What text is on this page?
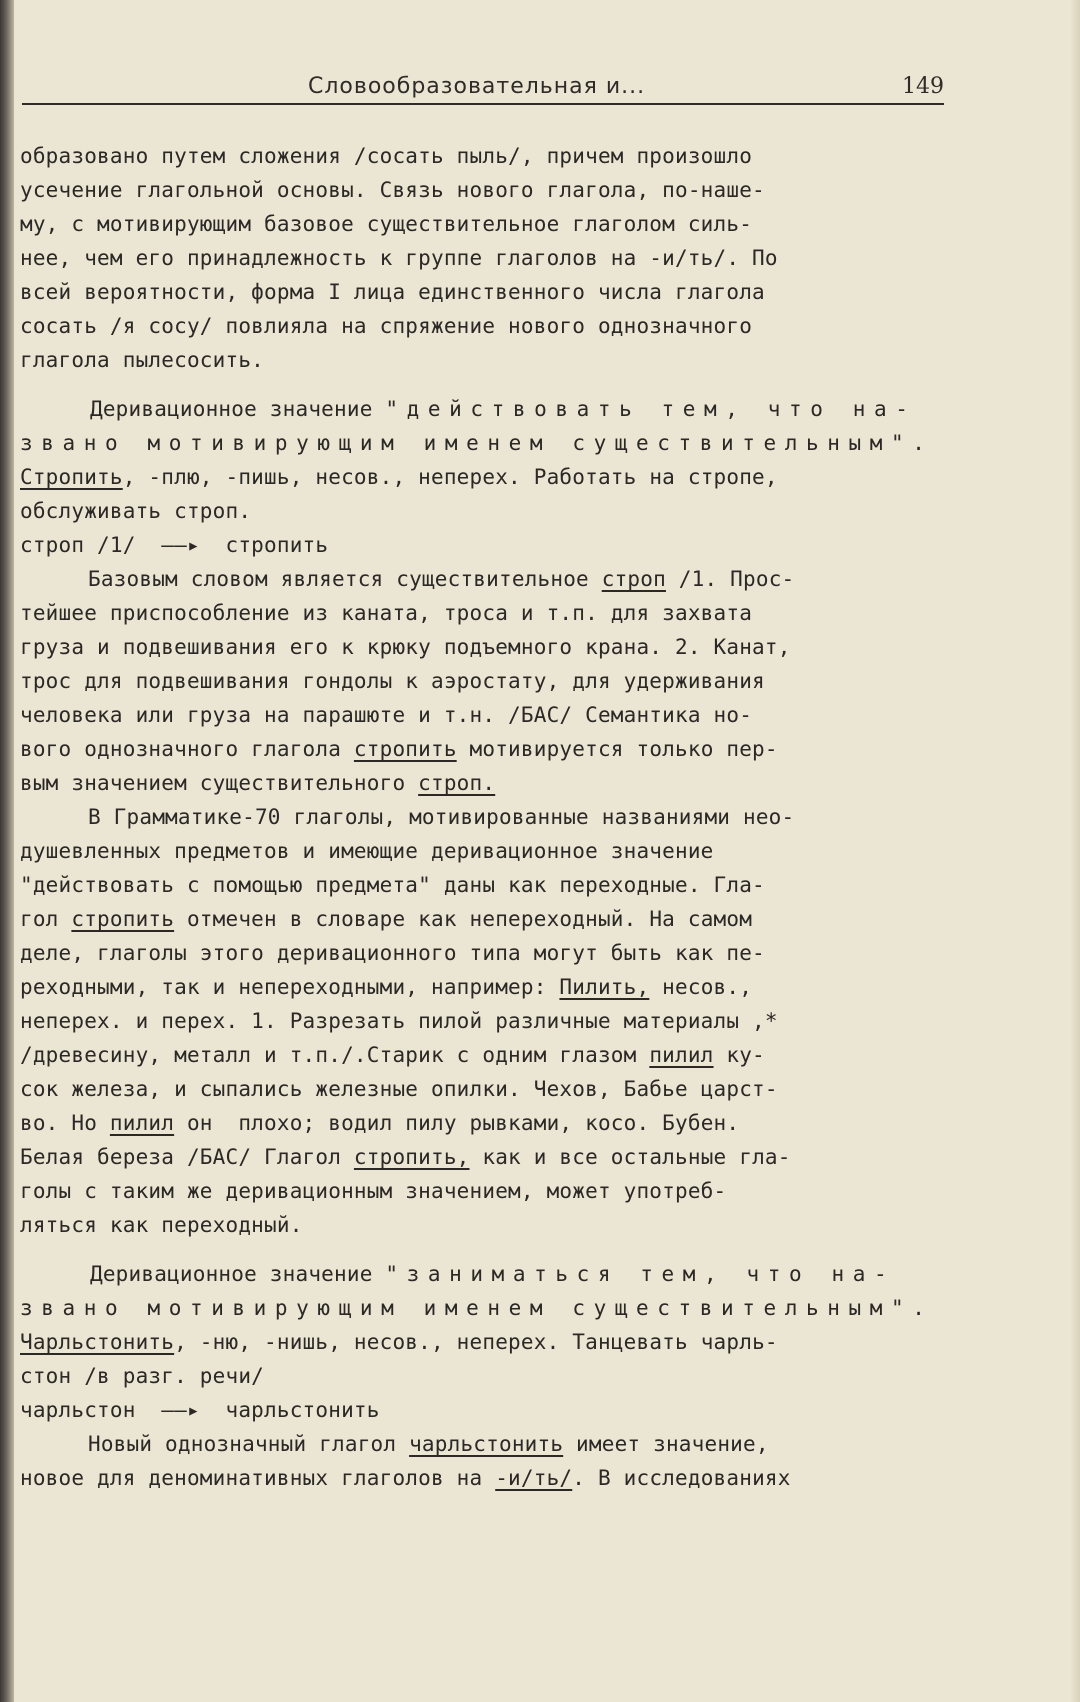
Словообразовательная и...	149
образовано путем сложения /сосать пыль/, причем произошло
усечение глагольной основы. Связь нового глагола, по-наше-
му, с мотивирующим базовое существительное глаголом силь-
нее, чем его принадлежность к группе глаголов на -и/ть/. По
всей вероятности, форма I лица единственного числа глагола
сосать /я сосу/ повлияла на спряжение нового однозначного
глагола пылесосить.
Деривационное значение "действовать тем, что на-
звано мотивирующим именем существительным".
Стропить, -плю, -пишь, несов., неперех. Работать на стропе,
обслуживать строп.
строп /1/  ——▸  стропить
Базовым словом является существительное строп /1. Прос-
тейшее приспособление из каната, троса и т.п. для захвата
груза и подвешивания его к крюку подъемного крана. 2. Канат,
трос для подвешивания гондолы к аэростату, для удерживания
человека или груза на парашюте и т.н. /БАС/ Семантика но-
вого однозначного глагола стропить мотивируется только пер-
вым значением существительного строп.
В Грамматике-70 глаголы, мотивированные названиями нео-
душевленных предметов и имеющие деривационное значение
"действовать с помощью предмета" даны как переходные. Гла-
гол стропить отмечен в словаре как непереходный. На самом
деле, глаголы этого деривационного типа могут быть как пе-
реходными, так и непереходными, например: Пилить, несов.,
неперех. и перех. 1. Разрезать пилой различные материалы ,*
/древесину, металл и т.п./.Старик с одним глазом пилил ку-
сок железа, и сыпались железные опилки. Чехов, Бабье царст-
во. Но пилил он  плохо; водил пилу рывками, косо. Бубен.
Белая береза /БАС/ Глагол стропить, как и все остальные гла-
голы с таким же деривационным значением, может употреб-
ляться как переходный.
Деривационное значение "заниматься тем, что на-
звано мотивирующим именем существительным".
Чарльстонить, -ню, -нишь, несов., неперех. Танцевать чарль-
стон /в разг. речи/
чарльстон  ——▸  чарльстонить
Новый однозначный глагол чарльстонить имеет значение,
новое для деноминативных глаголов на -и/ть/. В исследованиях
